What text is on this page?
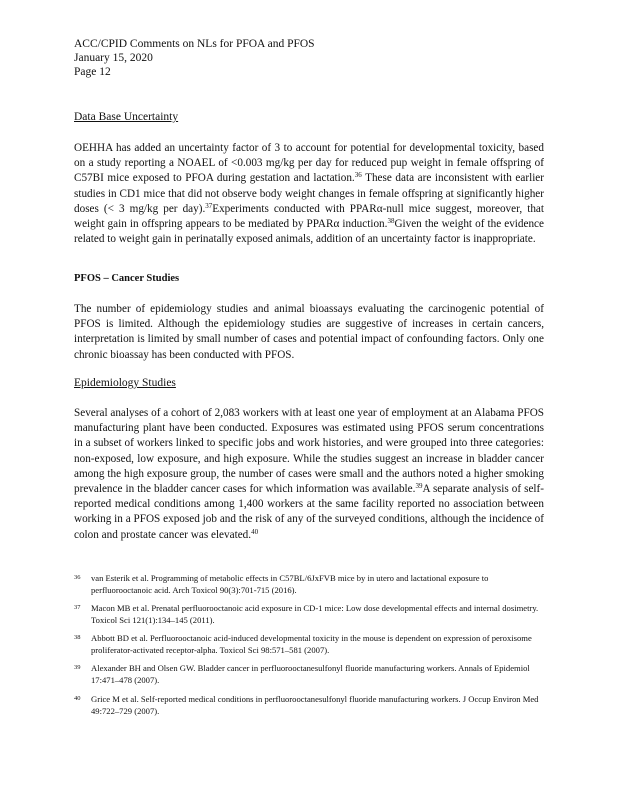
ACC/CPID Comments on NLs for PFOA and PFOS
January 15, 2020
Page 12
Data Base Uncertainty
OEHHA has added an uncertainty factor of 3 to account for potential for developmental toxicity, based on a study reporting a NOAEL of <0.003 mg/kg per day for reduced pup weight in female offspring of C57BI mice exposed to PFOA during gestation and lactation.$^{36}$ These data are inconsistent with earlier studies in CD1 mice that did not observe body weight changes in female offspring at significantly higher doses (< 3 mg/kg per day).$^{37}$Experiments conducted with PPARα-null mice suggest, moreover, that weight gain in offspring appears to be mediated by PPARα induction.$^{38}$Given the weight of the evidence related to weight gain in perinatally exposed animals, addition of an uncertainty factor is inappropriate.
PFOS – Cancer Studies
The number of epidemiology studies and animal bioassays evaluating the carcinogenic potential of PFOS is limited. Although the epidemiology studies are suggestive of increases in certain cancers, interpretation is limited by small number of cases and potential impact of confounding factors. Only one chronic bioassay has been conducted with PFOS.
Epidemiology Studies
Several analyses of a cohort of 2,083 workers with at least one year of employment at an Alabama PFOS manufacturing plant have been conducted. Exposures was estimated using PFOS serum concentrations in a subset of workers linked to specific jobs and work histories, and were grouped into three categories: non-exposed, low exposure, and high exposure. While the studies suggest an increase in bladder cancer among the high exposure group, the number of cases were small and the authors noted a higher smoking prevalence in the bladder cancer cases for which information was available.$^{39}$A separate analysis of self-reported medical conditions among 1,400 workers at the same facility reported no association between working in a PFOS exposed job and the risk of any of the surveyed conditions, although the incidence of colon and prostate cancer was elevated.$^{40}$
36 van Esterik et al. Programming of metabolic effects in C57BL/6JxFVB mice by in utero and lactational exposure to perfluorooctanoic acid. Arch Toxicol 90(3):701-715 (2016).
37 Macon MB et al. Prenatal perfluorooctanoic acid exposure in CD-1 mice: Low dose developmental effects and internal dosimetry. Toxicol Sci 121(1):134–145 (2011).
38 Abbott BD et al. Perfluorooctanoic acid-induced developmental toxicity in the mouse is dependent on expression of peroxisome proliferator-activated receptor-alpha. Toxicol Sci 98:571–581 (2007).
39 Alexander BH and Olsen GW. Bladder cancer in perfluorooctanesulfonyl fluoride manufacturing workers. Annals of Epidemiol 17:471–478 (2007).
40 Grice M et al. Self-reported medical conditions in perfluorooctanesulfonyl fluoride manufacturing workers. J Occup Environ Med 49:722–729 (2007).
